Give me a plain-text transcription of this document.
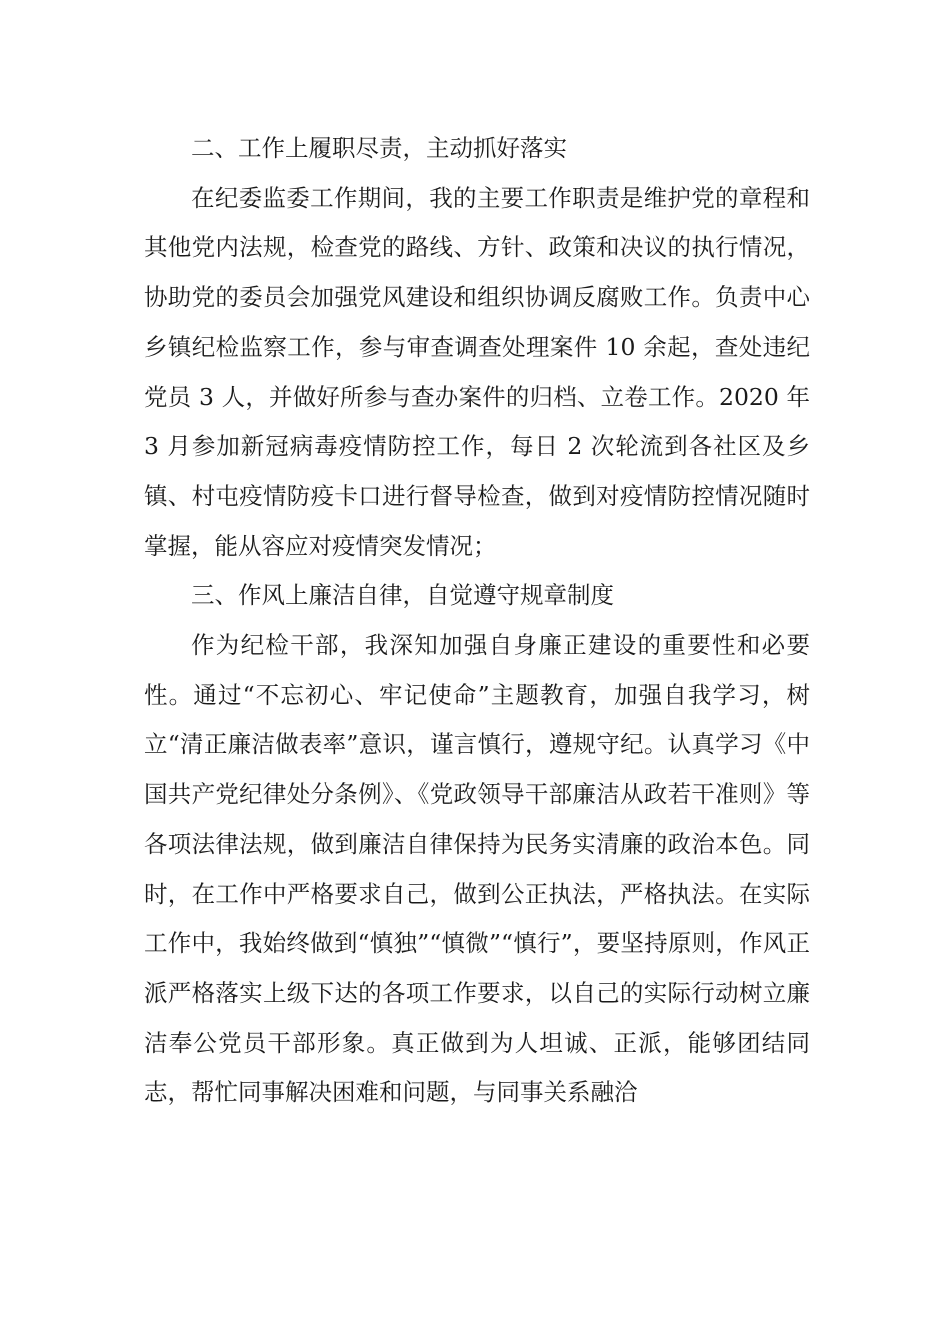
二、工作上履职尽责，主动抓好落实

在纪委监委工作期间，我的主要工作职责是维护党的章程和其他党内法规，检查党的路线、方针、政策和决议的执行情况，协助党的委员会加强党风建设和组织协调反腐败工作。负责中心乡镇纪检监察工作，参与审查调查处理案件 10 余起，查处违纪党员 3 人，并做好所参与查办案件的归档、立卷工作。2020 年 3 月参加新冠病毒疫情防控工作，每日 2 次轮流到各社区及乡镇、村屯疫情防疫卡口进行督导检查，做到对疫情防控情况随时掌握，能从容应对疫情突发情况；

三、作风上廉洁自律，自觉遵守规章制度

作为纪检干部，我深知加强自身廉正建设的重要性和必要性。通过“不忘初心、牢记使命”主题教育，加强自我学习，树立“清正廉洁做表率”意识，谨言慎行，遵规守纪。认真学习《中国共产党纪律处分条例》、《党政领导干部廉洁从政若干准则》等各项法律法规，做到廉洁自律保持为民务实清廉的政治本色。同时，在工作中严格要求自己，做到公正执法，严格执法。在实际工作中，我始终做到“慎独”“慎微”“慎行”，要坚持原则，作风正派严格落实上级下达的各项工作要求，以自己的实际行动树立廉洁奉公党员干部形象。真正做到为人坦诚、正派，能够团结同志，帮忙同事解决困难和问题，与同事关系融洽
